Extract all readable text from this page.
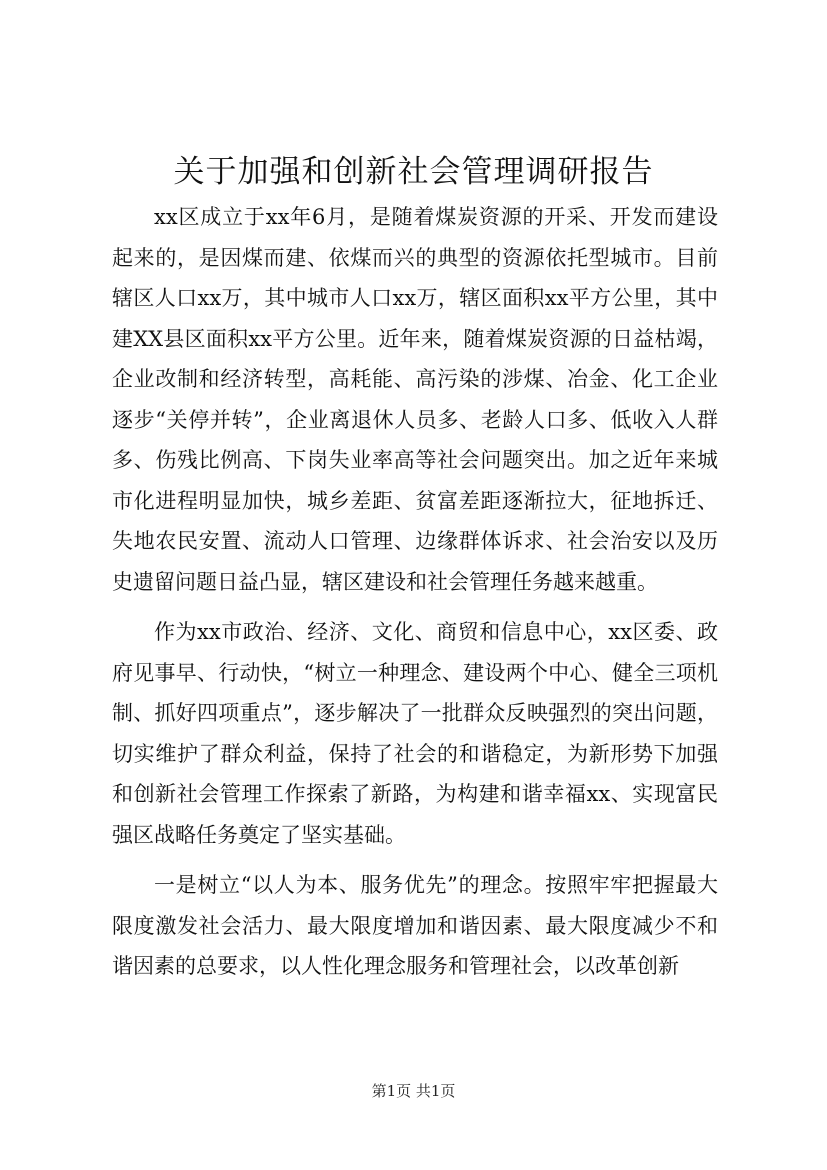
关于加强和创新社会管理调研报告

xx区成立于xx年6月，是随着煤炭资源的开采、开发而建设起来的，是因煤而建、依煤而兴的典型的资源依托型城市。目前辖区人口xx万，其中城市人口xx万，辖区面积xx平方公里，其中建XX县区面积xx平方公里。近年来，随着煤炭资源的日益枯竭，企业改制和经济转型，高耗能、高污染的涉煤、冶金、化工企业逐步“关停并转”，企业离退休人员多、老龄人口多、低收入人群多、伤残比例高、下岗失业率高等社会问题突出。加之近年来城市化进程明显加快，城乡差距、贫富差距逐渐拉大，征地拆迁、失地农民安置、流动人口管理、边缘群体诉求、社会治安以及历史遗留问题日益凸显，辖区建设和社会管理任务越来越重。

作为xx市政治、经济、文化、商贸和信息中心，xx区委、政府见事早、行动快，“树立一种理念、建设两个中心、健全三项机制、抓好四项重点”，逐步解决了一批群众反映强烈的突出问题，切实维护了群众利益，保持了社会的和谐稳定，为新形势下加强和创新社会管理工作探索了新路，为构建和谐幸福xx、实现富民强区战略任务奠定了坚实基础。

一是树立“以人为本、服务优先”的理念。按照牢牢把握最大限度激发社会活力、最大限度增加和谐因素、最大限度减少不和谐因素的总要求，以人性化理念服务和管理社会，以改革创新

第1页 共1页
